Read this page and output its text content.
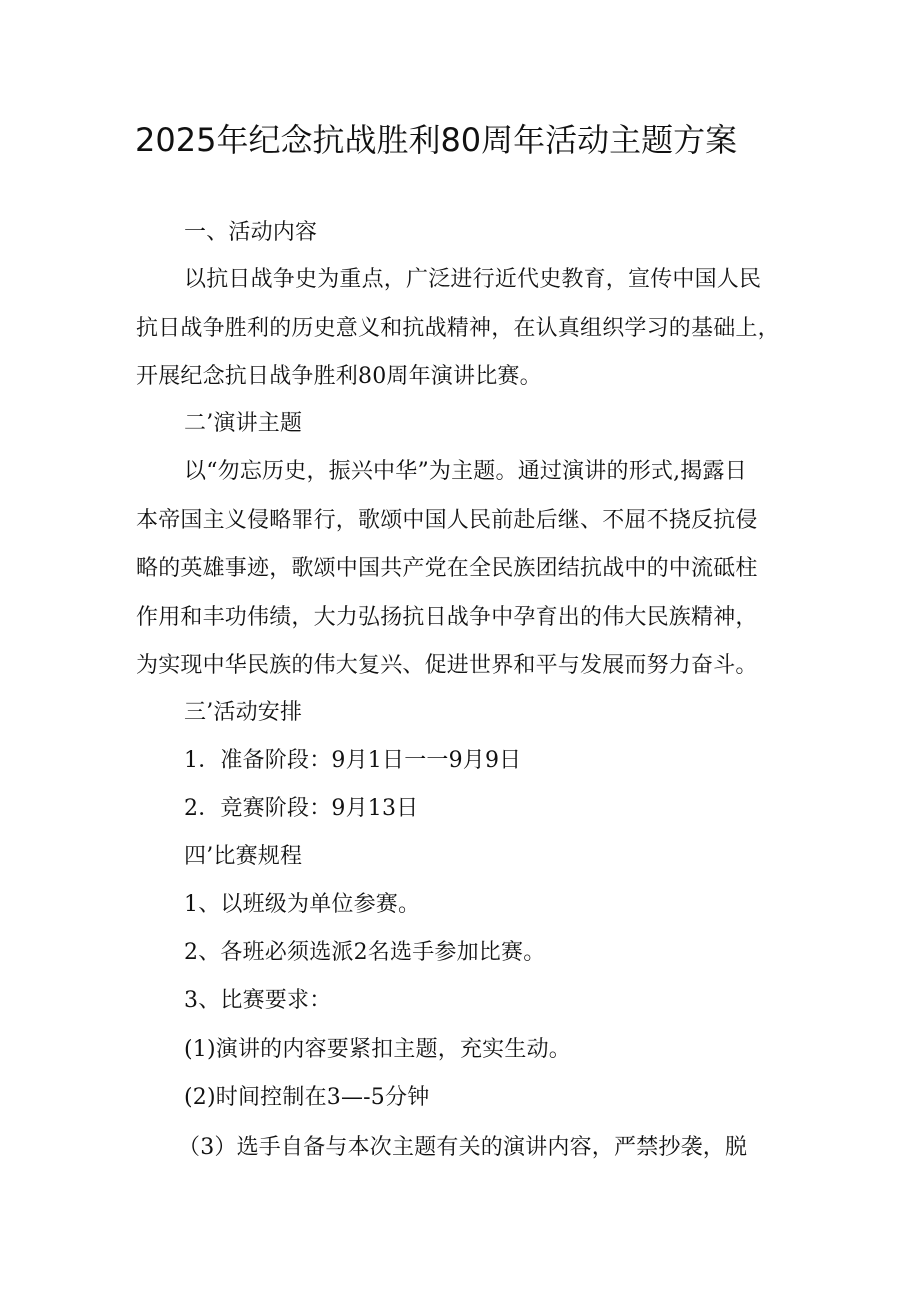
2025年纪念抗战胜利80周年活动主题方案

一、活动内容

以抗日战争史为重点，广泛进行近代史教育，宣传中国人民

抗日战争胜利的历史意义和抗战精神，在认真组织学习的基础上，

开展纪念抗日战争胜利80周年演讲比赛。

二’演讲主题

以“勿忘历史，振兴中华”为主题。通过演讲的形式,揭露日

本帝国主义侵略罪行，歌颂中国人民前赴后继、不屈不挠反抗侵

略的英雄事迹，歌颂中国共产党在全民族团结抗战中的中流砥柱

作用和丰功伟绩，大力弘扬抗日战争中孕育出的伟大民族精神，

为实现中华民族的伟大复兴、促进世界和平与发展而努力奋斗。

三’活动安排

1．准备阶段：9月1日一一9月9日

2．竞赛阶段：9月13日

四’比赛规程

1、以班级为单位参赛。

2、各班必须选派2名选手参加比赛。

3、比赛要求：

(1)演讲的内容要紧扣主题，充实生动。

(2)时间控制在3—-5分钟

（3）选手自备与本次主题有关的演讲内容，严禁抄袭，脱
